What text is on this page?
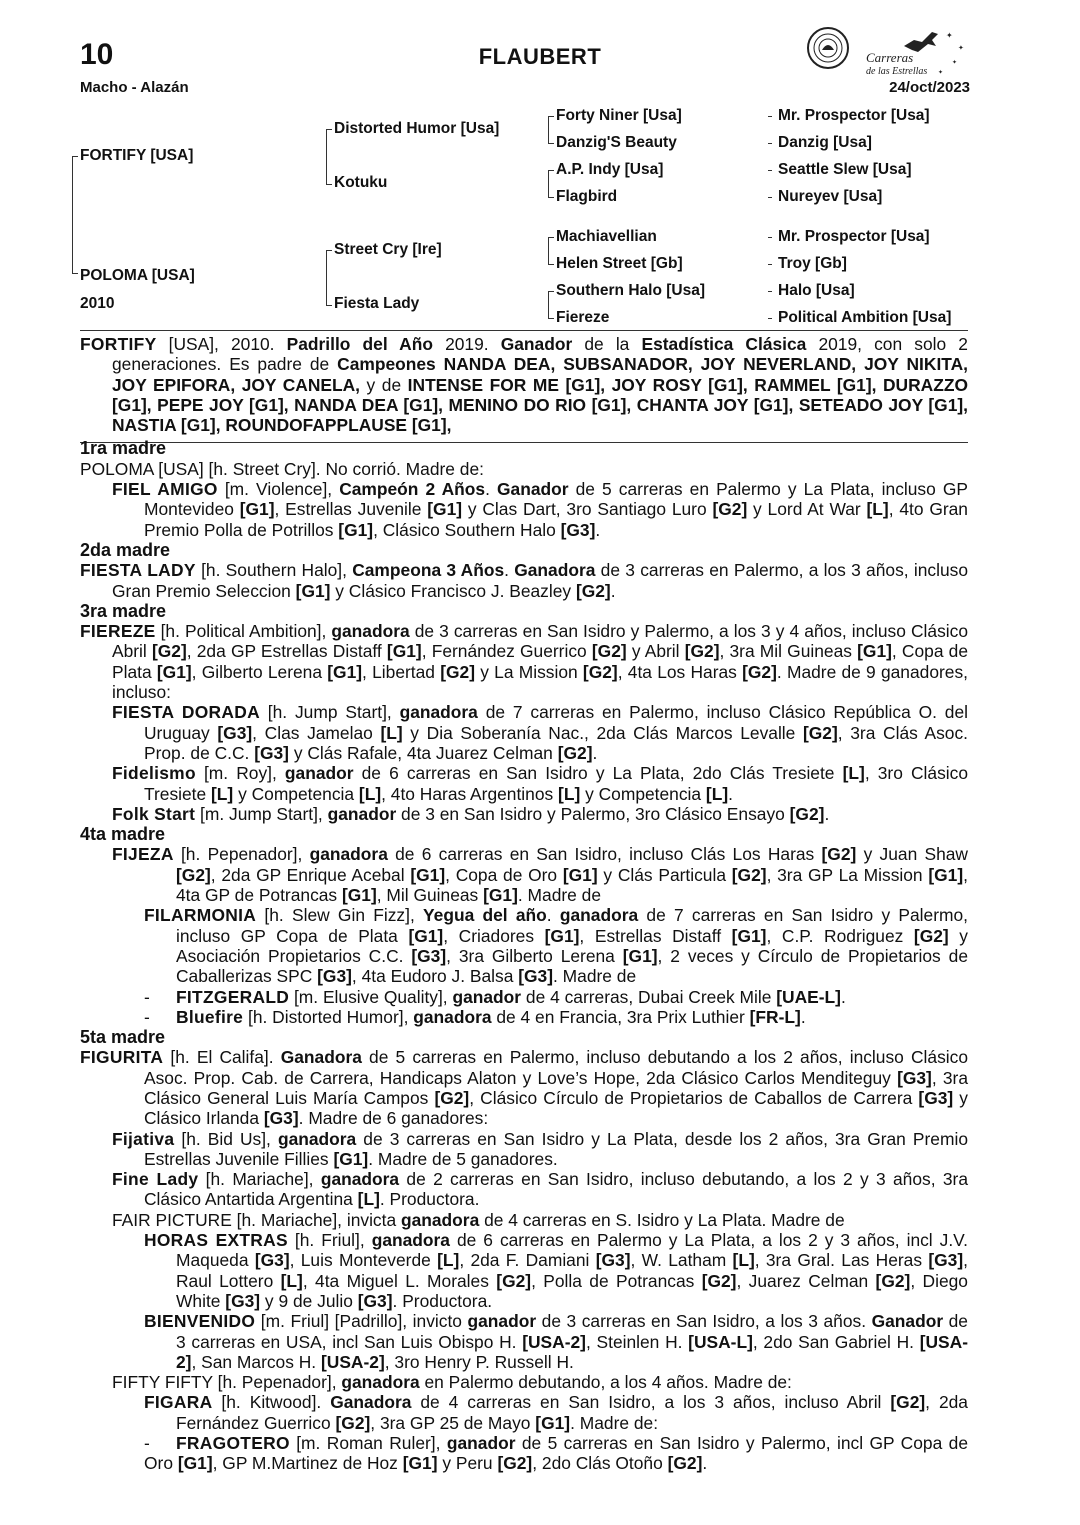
10	FLAUBERT
Macho - Alazán	24/oct/2023
Carreras
de las Estrellas
✦
✦
✦
✦
FORTIFY [USA]
POLOMA [USA]
2010
Distorted Humor [Usa]
Kotuku
Street Cry [Ire]
Fiesta Lady
Forty Niner [Usa]
Danzig'S Beauty
A.P. Indy [Usa]
Flagbird
Machiavellian
Helen Street [Gb]
Southern Halo [Usa]
Fiereze
Mr. Prospector [Usa]
Danzig [Usa]
Seattle Slew [Usa]
Nureyev [Usa]
Mr. Prospector [Usa]
Troy [Gb]
Halo [Usa]
Political Ambition [Usa]

FORTIFY [USA], 2010. Padrillo del Año 2019. Ganador de la Estadística Clásica 2019, con solo 2 generaciones. Es padre de Campeones NANDA DEA, SUBSANADOR, JOY NEVERLAND, JOY NIKITA, JOY EPIFORA, JOY CANELA, y de INTENSE FOR ME [G1], JOY ROSY [G1], RAMMEL [G1], DURAZZO [G1], PEPE JOY [G1], NANDA DEA [G1], MENINO DO RIO [G1], CHANTA JOY [G1], SETEADO JOY [G1], NASTIA [G1], ROUNDOFAPPLAUSE [G1],

1ra madre

POLOMA [USA] [h. Street Cry]. No corrió. Madre de:

FIEL AMIGO [m. Violence], Campeón 2 Años. Ganador de 5 carreras en Palermo y La Plata, incluso GP Montevideo [G1], Estrellas Juvenile [G1] y Clas Dart, 3ro Santiago Luro [G2] y Lord At War [L], 4to Gran Premio Polla de Potrillos [G1], Clásico Southern Halo [G3].

2da madre

FIESTA LADY [h. Southern Halo], Campeona 3 Años. Ganadora de 3 carreras en Palermo, a los 3 años, incluso Gran Premio Seleccion [G1] y Clásico Francisco J. Beazley [G2].

3ra madre

FIEREZE [h. Political Ambition], ganadora de 3 carreras en San Isidro y Palermo, a los 3 y 4 años, incluso Clásico Abril [G2], 2da GP Estrellas Distaff [G1], Fernández Guerrico [G2] y Abril [G2], 3ra Mil Guineas [G1], Copa de Plata [G1], Gilberto Lerena [G1], Libertad [G2] y La Mission [G2], 4ta Los Haras [G2]. Madre de 9 ganadores, incluso:

FIESTA DORADA [h. Jump Start], ganadora de 7 carreras en Palermo, incluso Clásico República O. del Uruguay [G3], Clas Jamelao [L] y Dia Soberanía Nac., 2da Clás Marcos Levalle [G2], 3ra Clás Asoc. Prop. de C.C. [G3] y Clás Rafale, 4ta Juarez Celman [G2].

Fidelismo [m. Roy], ganador de 6 carreras en San Isidro y La Plata, 2do Clás Tresiete [L], 3ro Clásico Tresiete [L] y Competencia [L], 4to Haras Argentinos [L] y Competencia [L].

Folk Start [m. Jump Start], ganador de 3 en San Isidro y Palermo, 3ro Clásico Ensayo [G2].

4ta madre

FIJEZA [h. Pepenador], ganadora de 6 carreras en San Isidro, incluso Clás Los Haras [G2] y Juan Shaw [G2], 2da GP Enrique Acebal [G1], Copa de Oro [G1] y Clás Particula [G2], 3ra GP La Mission [G1], 4ta GP de Potrancas [G1], Mil Guineas [G1]. Madre de

FILARMONIA [h. Slew Gin Fizz], Yegua del año. ganadora de 7 carreras en San Isidro y Palermo, incluso GP Copa de Plata [G1], Criadores [G1], Estrellas Distaff [G1], C.P. Rodriguez [G2] y Asociación Propietarios C.C. [G3], 3ra Gilberto Lerena [G1], 2 veces y Círculo de Propietarios de Caballerizas SPC [G3], 4ta Eudoro J. Balsa [G3]. Madre de

- FITZGERALD [m. Elusive Quality], ganador de 4 carreras, Dubai Creek Mile [UAE-L].

- Bluefire [h. Distorted Humor], ganadora de 4 en Francia, 3ra Prix Luthier [FR-L].

5ta madre

FIGURITA [h. El Califa]. Ganadora de 5 carreras en Palermo, incluso debutando a los 2 años, incluso Clásico Asoc. Prop. Cab. de Carrera, Handicaps Alaton y Love’s Hope, 2da Clásico Carlos Menditeguy [G3], 3ra Clásico General Luis María Campos [G2], Clásico Círculo de Propietarios de Caballos de Carrera [G3] y Clásico Irlanda [G3]. Madre de 6 ganadores:

Fijativa [h. Bid Us], ganadora de 3 carreras en San Isidro y La Plata, desde los 2 años, 3ra Gran Premio Estrellas Juvenile Fillies [G1]. Madre de 5 ganadores.

Fine Lady [h. Mariache], ganadora de 2 carreras en San Isidro, incluso debutando, a los 2 y 3 años, 3ra Clásico Antartida Argentina [L]. Productora.

FAIR PICTURE [h. Mariache], invicta ganadora de 4 carreras en S. Isidro y La Plata. Madre de

HORAS EXTRAS [h. Friul], ganadora de 6 carreras en Palermo y La Plata, a los 2 y 3 años, incl J.V. Maqueda [G3], Luis Monteverde [L], 2da F. Damiani [G3], W. Latham [L], 3ra Gral. Las Heras [G3], Raul Lottero [L], 4ta Miguel L. Morales [G2], Polla de Potrancas [G2], Juarez Celman [G2], Diego White [G3] y 9 de Julio [G3]. Productora.

BIENVENIDO [m. Friul] [Padrillo], invicto ganador de 3 carreras en San Isidro, a los 3 años. Ganador de 3 carreras en USA, incl San Luis Obispo H. [USA-2], Steinlen H. [USA-L], 2do San Gabriel H. [USA-2], San Marcos H. [USA-2], 3ro Henry P. Russell H.

FIFTY FIFTY [h. Pepenador], ganadora en Palermo debutando, a los 4 años. Madre de:

FIGARA [h. Kitwood]. Ganadora de 4 carreras en San Isidro, a los 3 años, incluso Abril [G2], 2da Fernández Guerrico [G2], 3ra GP 25 de Mayo [G1]. Madre de:

- FRAGOTERO [m. Roman Ruler], ganador de 5 carreras en San Isidro y Palermo, incl GP Copa de Oro [G1], GP M.Martinez de Hoz [G1] y Peru [G2], 2do Clás Otoño [G2].
